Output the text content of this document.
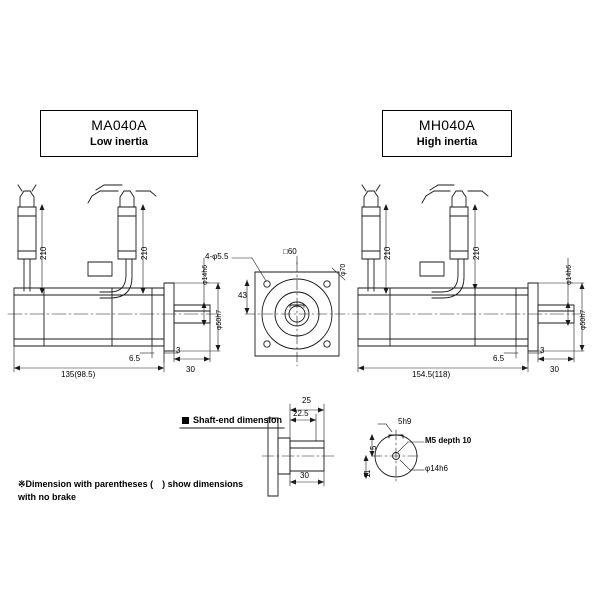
MA040A
Low inertia
MH040A
High inertia
210	210
φ14h6
φ50h7
135(98.5)
6.5
3
30
4-φ5.5
□60
φ70
43
210	210
φ14h6
φ50h7
154.5(118)
6.5
3
30
Shaft-end dimension
25
22.5
30
5h9
M5 depth 10
φ14h6
5
11
※Dimension with parentheses (　) show dimensions
with no brake
